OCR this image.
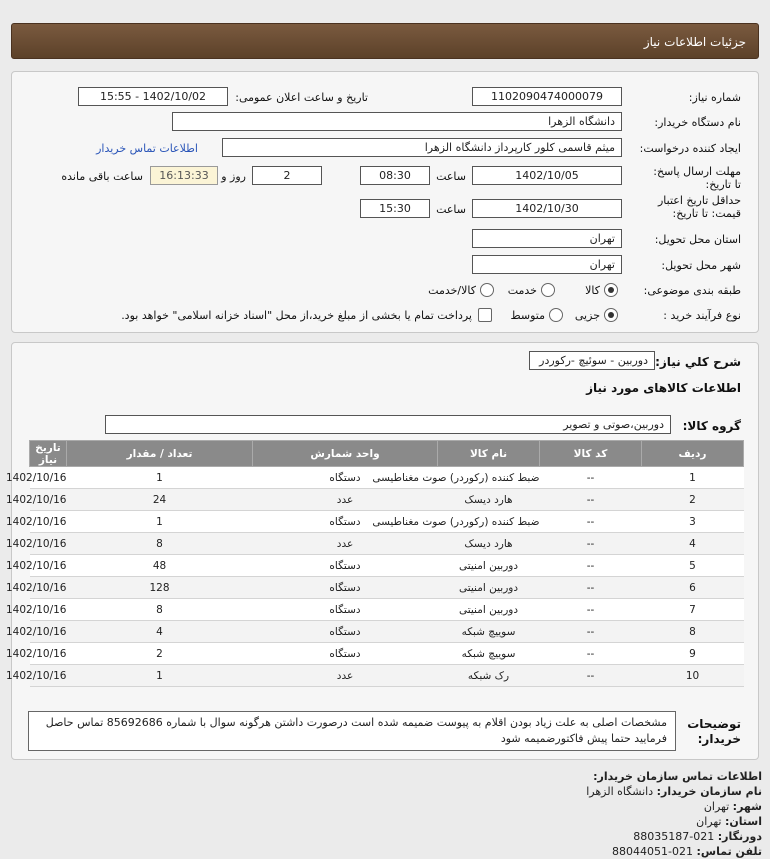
جزئیات اطلاعات نیاز
شماره نیاز:
1102090474000079
تاریخ و ساعت اعلان عمومی:
1402/10/02 - 15:55
نام دستگاه خریدار:
دانشگاه الزهرا
ایجاد کننده درخواست:
میثم قاسمی کلور کارپرداز دانشگاه الزهرا
اطلاعات تماس خریدار
مهلت ارسال پاسخ: تا تاریخ:
1402/10/05
ساعت
08:30
2
روز و
16:13:33
ساعت باقی مانده
حداقل تاریخ اعتبار قیمت: تا تاریخ:
1402/10/30
ساعت
15:30
استان محل تحویل:
تهران
شهر محل تحویل:
تهران
طبقه بندی موضوعی:
کالا
خدمت
کالا/خدمت
نوع فرآیند خرید :
جزیی
متوسط
پرداخت تمام یا بخشی از مبلغ خرید،از محل "اسناد خزانه اسلامی" خواهد بود.
شرح كلي نياز:
دوربین - سوئیچ -رکوردر
اطلاعات کالاهای مورد نیاز
گروه کالا:
دوربین،صوتی و تصویر
ردیف	کد کالا	نام کالا	واحد شمارش	تعداد / مقدار	تاریخ نیاز
1	--	ضبط کننده (رکوردر) صوت مغناطیسی	دستگاه	1	1402/10/16
2	--	هارد دیسک	عدد	24	1402/10/16
3	--	ضبط کننده (رکوردر) صوت مغناطیسی	دستگاه	1	1402/10/16
4	--	هارد دیسک	عدد	8	1402/10/16
5	--	دوربین امنیتی	دستگاه	48	1402/10/16
6	--	دوربین امنیتی	دستگاه	128	1402/10/16
7	--	دوربین امنیتی	دستگاه	8	1402/10/16
8	--	سوییچ شبکه	دستگاه	4	1402/10/16
9	--	سوییچ شبکه	دستگاه	2	1402/10/16
10	--	رک شبکه	عدد	1	1402/10/16
توضیحات خریدار:
مشخصات اصلی به علت زیاد بودن اقلام به پیوست ضمیمه شده است درصورت داشتن هرگونه سوال با شماره 85692686 تماس حاصل فرمایید حتما پیش فاکتورضمیمه شود
اطلاعات تماس سازمان خریدار:
نام سازمان خریدار: دانشگاه الزهرا
شهر: تهران
استان: تهران
دورنگار: 021-88035187
تلفن تماس: 021-88044051
